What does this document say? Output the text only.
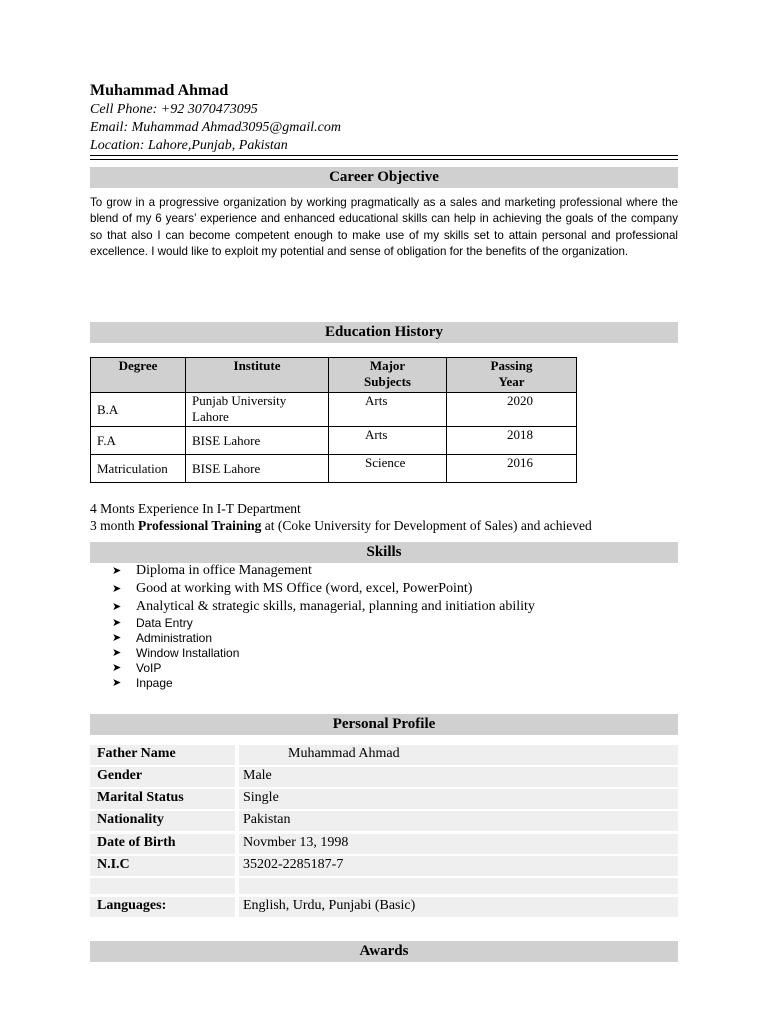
Muhammad Ahmad
Cell Phone: +92 3070473095
Email: Muhammad Ahmad3095@gmail.com
Location: Lahore,Punjab, Pakistan
Career Objective
To grow in a progressive organization by working pragmatically as a sales and marketing professional where the blend of my 6 years’ experience and enhanced educational skills can help in achieving the goals of the company so that also I can become competent enough to make use of my skills set to attain personal and professional excellence. I would like to exploit my potential and sense of obligation for the benefits of the organization.
Education History
Degree	Institute	Major Subjects	Passing Year

B.A	Punjab University Lahore	Arts	2020
F.A	BISE Lahore	Arts	2018
Matriculation	BISE Lahore	Science	2016
4 Monts Experience In I-T Department
3 month Professional Training at (Coke University for Development of Sales) and achieved
Skills
➤ Diploma in office Management
➤ Good at working with MS Office (word, excel, PowerPoint)
➤ Analytical & strategic skills, managerial, planning and initiation ability
➤ Data Entry
➤ Administration
➤ Window Installation
➤ VoIP
➤ Inpage
Personal Profile
Father Name	Muhammad Ahmad
Gender	Male
Marital Status	Single
Nationality	Pakistan
Date of Birth	Novmber 13, 1998
N.I.C	35202-2285187-7
Languages:	English, Urdu, Punjabi (Basic)
Awards
